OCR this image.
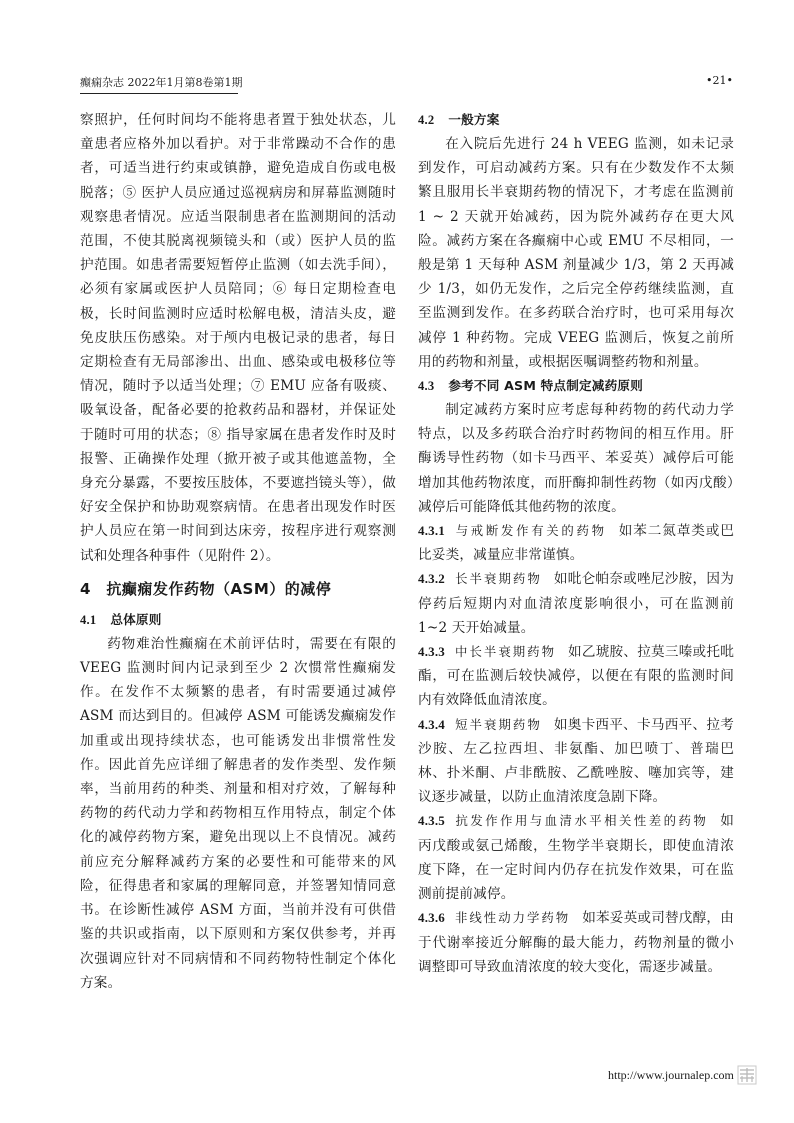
癫痫杂志 2022年1月第8卷第1期	•21•

察照护，任何时间均不能将患者置于独处状态，儿童患者应格外加以看护。对于非常躁动不合作的患者，可适当进行约束或镇静，避免造成自伤或电极脱落；⑤ 医护人员应通过巡视病房和屏幕监测随时观察患者情况。应适当限制患者在监测期间的活动范围，不使其脱离视频镜头和（或）医护人员的监护范围。如患者需要短暂停止监测（如去洗手间），必须有家属或医护人员陪同；⑥ 每日定期检查电极，长时间监测时应适时松解电极，清洁头皮，避免皮肤压伤感染。对于颅内电极记录的患者，每日定期检查有无局部渗出、出血、感染或电极移位等情况，随时予以适当处理；⑦ EMU 应备有吸痰、吸氧设备，配备必要的抢救药品和器材，并保证处于随时可用的状态；⑧ 指导家属在患者发作时及时报警、正确操作处理（掀开被子或其他遮盖物，全身充分暴露，不要按压肢体，不要遮挡镜头等），做好安全保护和协助观察病情。在患者出现发作时医护人员应在第一时间到达床旁，按程序进行观察测试和处理各种事件（见附件 2）。

4　抗癫痫发作药物（ASM）的减停

4.1 总体原则

药物难治性癫痫在术前评估时，需要在有限的 VEEG 监测时间内记录到至少 2 次惯常性癫痫发作。在发作不太频繁的患者，有时需要通过减停 ASM 而达到目的。但减停 ASM 可能诱发癫痫发作加重或出现持续状态，也可能诱发出非惯常性发作。因此首先应详细了解患者的发作类型、发作频率，当前用药的种类、剂量和相对疗效，了解每种药物的药代动力学和药物相互作用特点，制定个体化的减停药物方案，避免出现以上不良情况。减药前应充分解释减药方案的必要性和可能带来的风险，征得患者和家属的理解同意，并签署知情同意书。在诊断性减停 ASM 方面，当前并没有可供借鉴的共识或指南，以下原则和方案仅供参考，并再次强调应针对不同病情和不同药物特性制定个体化方案。

4.2 一般方案

在入院后先进行 24 h VEEG 监测，如未记录到发作，可启动减药方案。只有在少数发作不太频繁且服用长半衰期药物的情况下，才考虑在监测前 1 ~ 2 天就开始减药，因为院外减药存在更大风险。减药方案在各癫痫中心或 EMU 不尽相同，一般是第 1 天每种 ASM 剂量减少 1/3，第 2 天再减少 1/3，如仍无发作，之后完全停药继续监测，直至监测到发作。在多药联合治疗时，也可采用每次减停 1 种药物。完成 VEEG 监测后，恢复之前所用的药物和剂量，或根据医嘱调整药物和剂量。

4.3 参考不同 ASM 特点制定减药原则

制定减药方案时应考虑每种药物的药代动力学特点，以及多药联合治疗时药物间的相互作用。肝酶诱导性药物（如卡马西平、苯妥英）减停后可能增加其他药物浓度，而肝酶抑制性药物（如丙戊酸）减停后可能降低其他药物的浓度。

4.3.1 与戒断发作有关的药物 如苯二氮䓬类或巴比妥类，减量应非常谨慎。

4.3.2 长半衰期药物 如吡仑帕奈或唑尼沙胺，因为停药后短期内对血清浓度影响很小，可在监测前 1~2 天开始减量。

4.3.3 中长半衰期药物 如乙琥胺、拉莫三嗪或托吡酯，可在监测后较快减停，以便在有限的监测时间内有效降低血清浓度。

4.3.4 短半衰期药物 如奥卡西平、卡马西平、拉考沙胺、左乙拉西坦、非氨酯、加巴喷丁、普瑞巴林、扑米酮、卢非酰胺、乙酰唑胺、噻加宾等，建议逐步减量，以防止血清浓度急剧下降。

4.3.5 抗发作作用与血清水平相关性差的药物 如丙戊酸或氨己烯酸，生物学半衰期长，即使血清浓度下降，在一定时间内仍存在抗发作效果，可在监测前提前减停。

4.3.6 非线性动力学药物 如苯妥英或司替戊醇，由于代谢率接近分解酶的最大能力，药物剂量的微小调整即可导致血清浓度的较大变化，需逐步减量。

http://www.journalep.com
